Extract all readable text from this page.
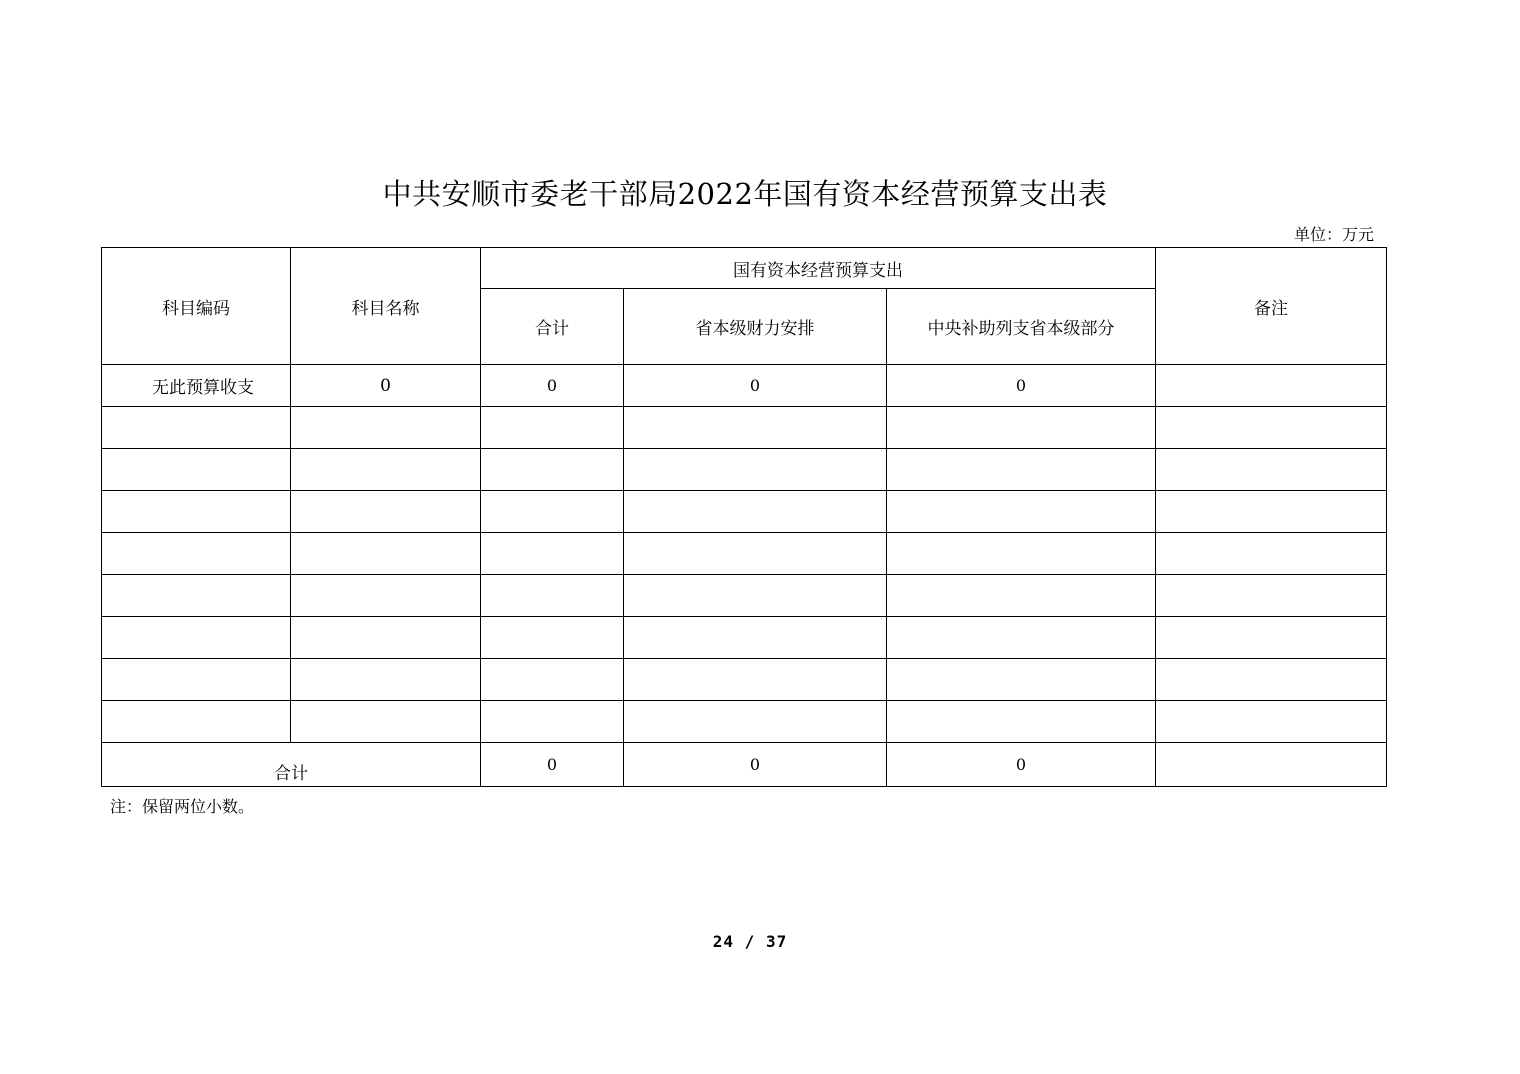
中共安顺市委老干部局2022年国有资本经营预算支出表
单位：万元
科目编码	科目名称	国有资本经营预算支出			备注
		合计	省本级财力安排	中央补助列支省本级部分	
无此预算收支	0	0	0	0	

合计		0	0	0	
注：保留两位小数。
24 / 37
